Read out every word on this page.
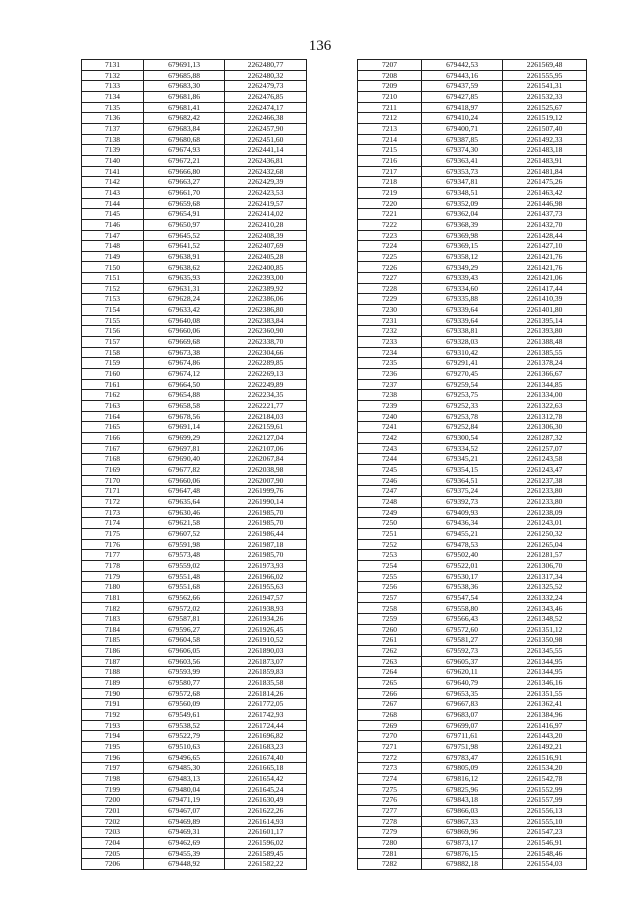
136
7131	679691,13	2262480,77
7132	679685,88	2262480,32
7133	679683,30	2262479,73
7134	679681,86	2262476,85
7135	679681,41	2262474,17
7136	679682,42	2262466,38
7137	679683,84	2262457,90
7138	679680,68	2262451,60
7139	679674,93	2262441,14
7140	679672,21	2262436,81
7141	679666,80	2262432,68
7142	679663,27	2262429,39
7143	679661,70	2262423,53
7144	679659,68	2262419,57
7145	679654,91	2262414,02
7146	679650,97	2262410,28
7147	679645,52	2262408,39
7148	679641,52	2262407,69
7149	679638,91	2262405,28
7150	679638,62	2262400,85
7151	679635,93	2262393,00
7152	679631,31	2262389,92
7153	679628,24	2262386,06
7154	679633,42	2262386,80
7155	679640,08	2262383,84
7156	679660,06	2262360,90
7157	679669,68	2262338,70
7158	679673,38	2262304,66
7159	679674,86	2262289,85
7160	679674,12	2262269,13
7161	679664,50	2262249,89
7162	679654,88	2262234,35
7163	679658,58	2262221,77
7164	679678,56	2262184,03
7165	679691,14	2262159,61
7166	679699,29	2262127,04
7167	679697,81	2262107,06
7168	679690,40	2262067,84
7169	679677,82	2262038,98
7170	679660,06	2262007,90
7171	679647,48	2261999,76
7172	679635,64	2261990,14
7173	679630,46	2261985,70
7174	679621,58	2261985,70
7175	679607,52	2261986,44
7176	679591,98	2261987,18
7177	679573,48	2261985,70
7178	679559,02	2261973,93
7179	679551,48	2261966,02
7180	679551,68	2261955,63
7181	679562,66	2261947,57
7182	679572,02	2261938,93
7183	679587,81	2261934,26
7184	679596,27	2261926,45
7185	679604,58	2261910,52
7186	679606,05	2261890,03
7187	679603,56	2261873,07
7188	679593,99	2261859,83
7189	679580,77	2261835,58
7190	679572,68	2261814,26
7191	679560,09	2261772,05
7192	679549,61	2261742,93
7193	679538,52	2261724,44
7194	679522,79	2261696,82
7195	679510,63	2261683,23
7196	679496,65	2261674,40
7197	679485,30	2261665,18
7198	679483,13	2261654,42
7199	679480,04	2261645,24
7200	679471,19	2261630,49
7201	679467,07	2261622,26
7202	679469,89	2261614,93
7203	679469,31	2261601,17
7204	679462,69	2261596,02
7205	679455,39	2261589,45
7206	679448,92	2261582,22
7207	679442,53	2261569,48
7208	679443,16	2261555,95
7209	679437,59	2261541,31
7210	679427,85	2261532,33
7211	679418,97	2261525,67
7212	679410,24	2261519,12
7213	679400,71	2261507,40
7214	679387,85	2261492,33
7215	679374,30	2261483,18
7216	679363,41	2261483,91
7217	679353,73	2261481,84
7218	679347,81	2261475,26
7219	679348,51	2261463,42
7220	679352,09	2261446,98
7221	679362,04	2261437,73
7222	679368,39	2261432,70
7223	679369,98	2261428,44
7224	679369,15	2261427,10
7225	679358,12	2261421,76
7226	679349,29	2261421,76
7227	679339,43	2261421,06
7228	679334,60	2261417,44
7229	679335,88	2261410,39
7230	679339,64	2261401,80
7231	679339,64	2261395,14
7232	679338,81	2261393,80
7233	679328,03	2261388,48
7234	679310,42	2261385,55
7235	679291,41	2261378,24
7236	679270,45	2261366,67
7237	679259,54	2261344,85
7238	679253,75	2261334,00
7239	679252,33	2261322,63
7240	679253,78	2261312,78
7241	679252,84	2261306,30
7242	679300,54	2261287,32
7243	679334,52	2261257,07
7244	679345,21	2261243,58
7245	679354,15	2261243,47
7246	679364,51	2261237,38
7247	679375,24	2261233,80
7248	679392,73	2261233,80
7249	679409,93	2261238,09
7250	679436,34	2261243,01
7251	679455,21	2261250,32
7252	679478,53	2261265,04
7253	679502,40	2261281,57
7254	679522,01	2261306,70
7255	679530,17	2261317,34
7256	679538,36	2261325,52
7257	679547,54	2261332,24
7258	679558,80	2261343,46
7259	679566,43	2261348,52
7260	679572,60	2261351,12
7261	679581,27	2261350,98
7262	679592,73	2261345,55
7263	679605,37	2261344,95
7264	679620,11	2261344,95
7265	679640,79	2261346,16
7266	679653,35	2261351,55
7267	679667,83	2261362,41
7268	679683,07	2261384,96
7269	679699,07	2261416,97
7270	679711,61	2261443,20
7271	679751,98	2261492,21
7272	679783,47	2261516,91
7273	679805,09	2261534,20
7274	679816,12	2261542,78
7275	679825,96	2261552,99
7276	679843,18	2261557,99
7277	679866,03	2261556,13
7278	679867,33	2261555,10
7279	679869,96	2261547,23
7280	679873,17	2261546,91
7281	679876,15	2261548,46
7282	679882,18	2261554,03
